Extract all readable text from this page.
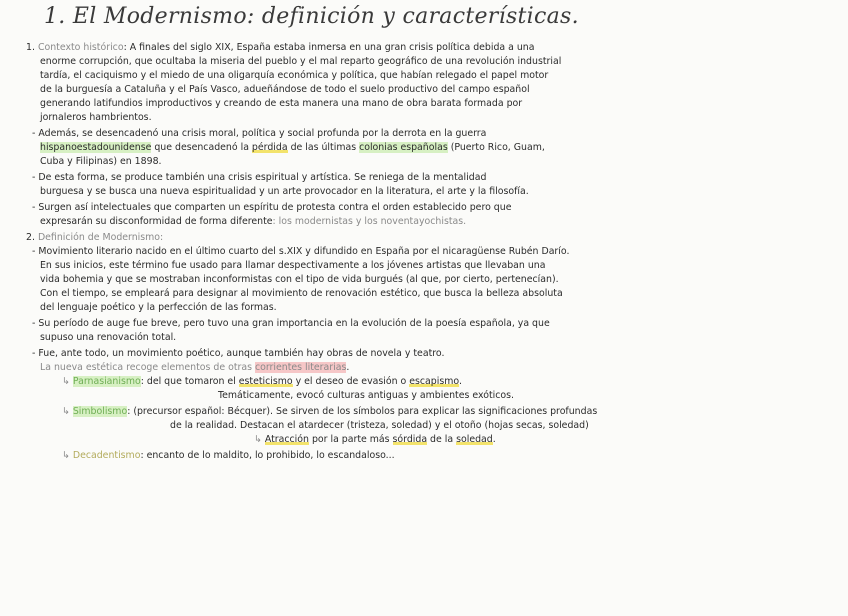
1. El Modernismo: definición y características.
1. Contexto histórico: A finales del siglo XIX, España estaba inmersa en una gran crisis política debida a una
enorme corrupción, que ocultaba la miseria del pueblo y el mal reparto geográfico de una revolución industrial
tardía, el caciquismo y el miedo de una oligarquía económica y política, que habían relegado el papel motor
de la burguesía a Cataluña y el País Vasco, adueñándose de todo el suelo productivo del campo español
generando latifundios improductivos y creando de esta manera una mano de obra barata formada por
jornaleros hambrientos.
- Además, se desencadenó una crisis moral, política y social profunda por la derrota en la guerra
hispanoestadounidense que desencadenó la pérdida de las últimas colonias españolas (Puerto Rico, Guam,
Cuba y Filipinas) en 1898.
- De esta forma, se produce también una crisis espiritual y artística. Se reniega de la mentalidad
burguesa y se busca una nueva espiritualidad y un arte provocador en la literatura, el arte y la filosofía.
- Surgen así intelectuales que comparten un espíritu de protesta contra el orden establecido pero que
expresarán su disconformidad de forma diferente: los modernistas y los noventayochistas.
2. Definición de Modernismo:
- Movimiento literario nacido en el último cuarto del s.XIX y difundido en España por el nicaragüense Rubén Darío.
En sus inicios, este término fue usado para llamar despectivamente a los jóvenes artistas que llevaban una
vida bohemia y que se mostraban inconformistas con el tipo de vida burgués (al que, por cierto, pertenecían).
Con el tiempo, se empleará para designar al movimiento de renovación estético, que busca la belleza absoluta
del lenguaje poético y la perfección de las formas.
- Su período de auge fue breve, pero tuvo una gran importancia en la evolución de la poesía española, ya que
supuso una renovación total.
- Fue, ante todo, un movimiento poético, aunque también hay obras de novela y teatro.
La nueva estética recoge elementos de otras corrientes literarias.
↳ Parnasianismo: del que tomaron el esteticismo y el deseo de evasión o escapismo.
Temáticamente, evocó culturas antiguas y ambientes exóticos.
↳ Simbolismo: (precursor español: Bécquer). Se sirven de los símbolos para explicar las significaciones profundas
de la realidad. Destacan el atardecer (tristeza, soledad) y el otoño (hojas secas, soledad)
↳ Atracción por la parte más sórdida de la soledad.
↳ Decadentismo: encanto de lo maldito, lo prohibido, lo escandaloso...
